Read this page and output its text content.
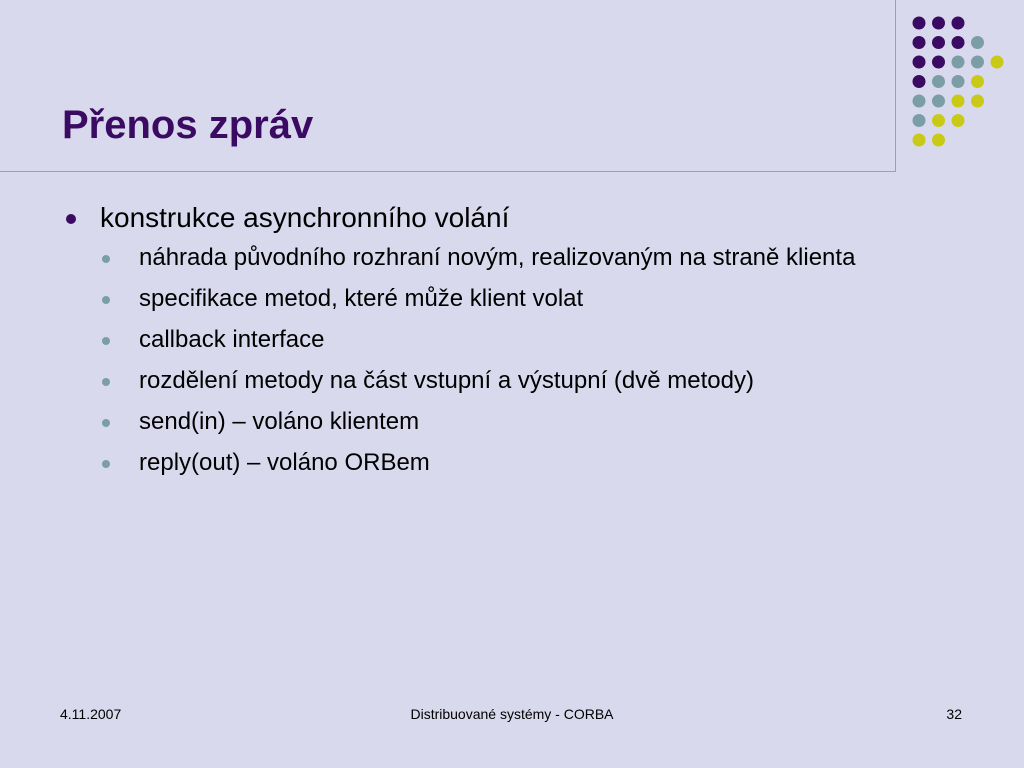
Přenos zpráv
konstrukce asynchronního volání
náhrada původního rozhraní novým, realizovaným na straně klienta
specifikace metod, které může klient volat
callback interface
rozdělení metody na část vstupní a výstupní (dvě metody)
send(in) – voláno klientem
reply(out) – voláno ORBem
4.11.2007	Distribuované systémy - CORBA	32
